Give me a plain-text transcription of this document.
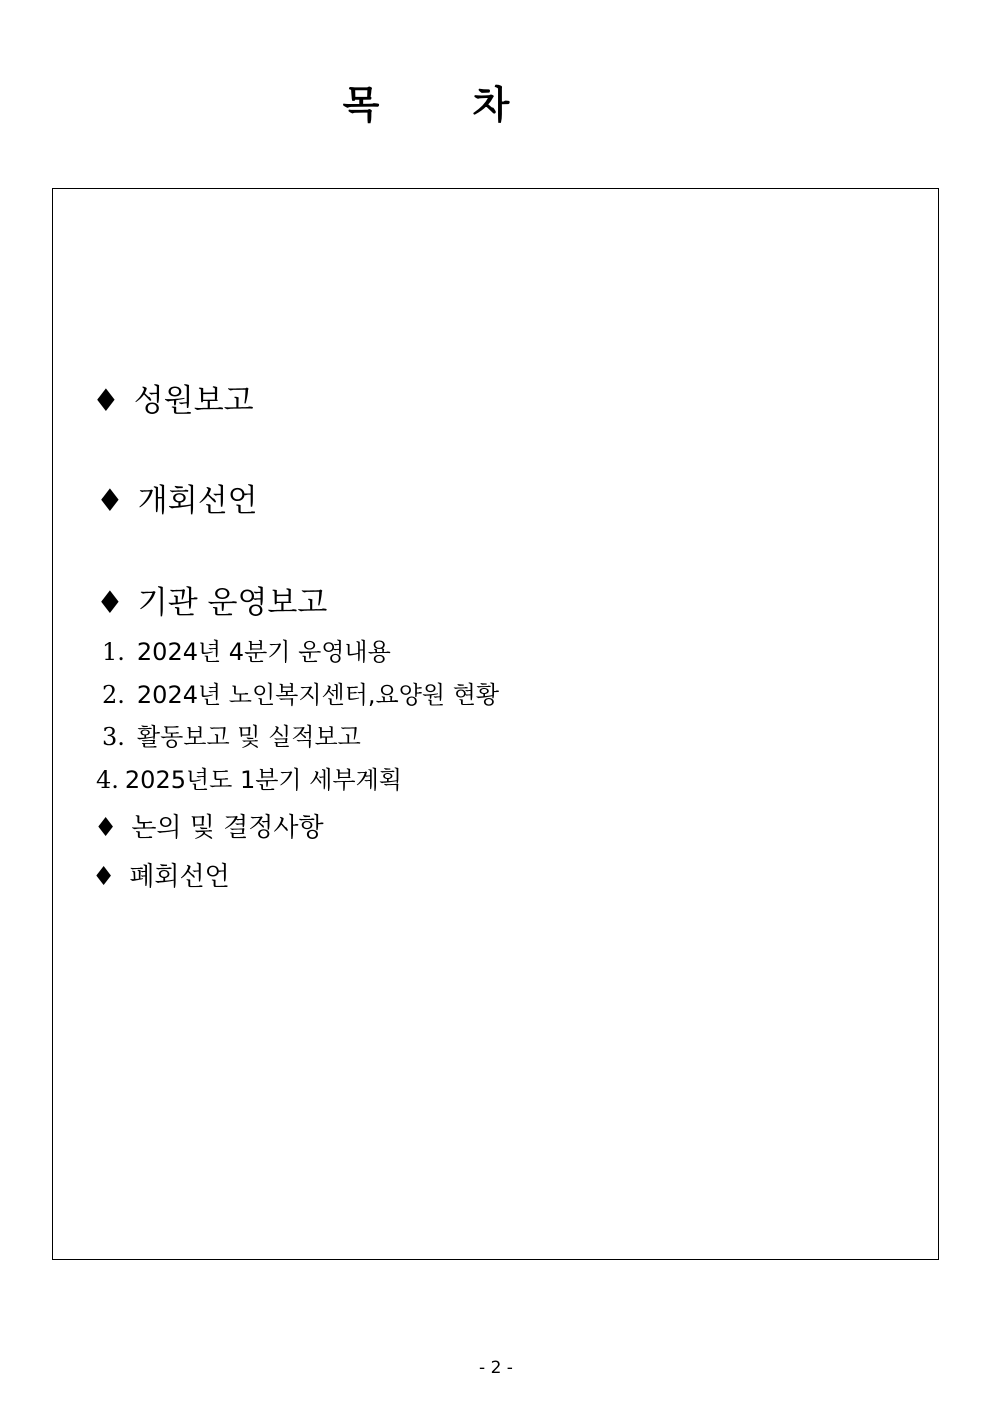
목 차
♦ 성원보고
♦ 개회선언
♦ 기관 운영보고
1. 2024년 4분기 운영내용
2. 2024년 노인복지센터,요양원 현황
3. 활동보고 및 실적보고
4. 2025년도 1분기 세부계획
♦ 논의 및 결정사항
♦ 폐회선언
- 2 -
